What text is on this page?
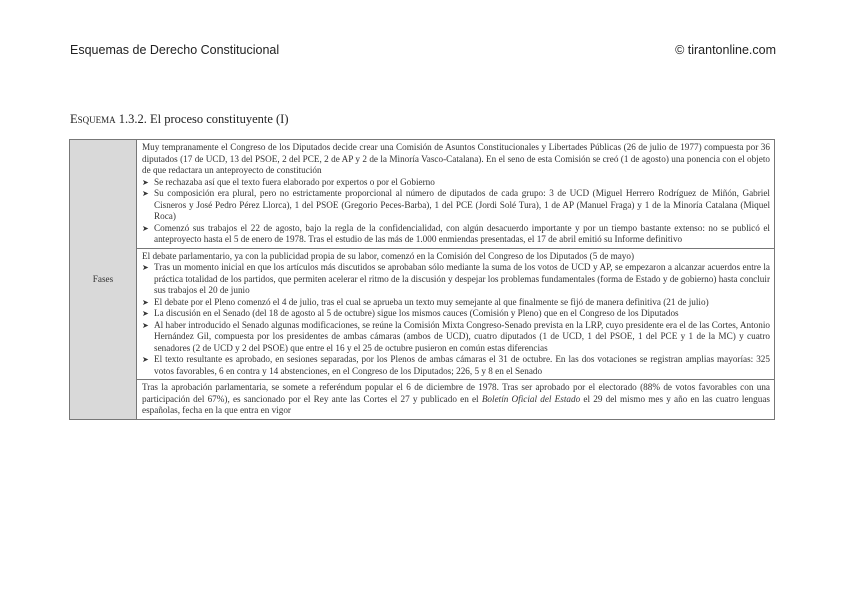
Esquemas de Derecho Constitucional	© tirantonline.com
Esquema 1.3.2. El proceso constituyente (I)
Fases	

Muy tempranamente el Congreso de los Diputados decide crear una Comisión de Asuntos Constitucionales y Libertades Públicas (26 de julio de 1977) compuesta por 36 diputados (17 de UCD, 13 del PSOE, 2 del PCE, 2 de AP y 2 de la Minoría Vasco-Catalana). En el seno de esta Comisión se creó (1 de agosto) una ponencia con el objeto de que redactara un anteproyecto de constitución

➤ Se rechazaba así que el texto fuera elaborado por expertos o por el Gobierno
➤ Su composición era plural, pero no estrictamente proporcional al número de diputados de cada grupo: 3 de UCD (Miguel Herrero Rodríguez de Miñón, Gabriel Cisneros y José Pedro Pérez Llorca), 1 del PSOE (Gregorio Peces-Barba), 1 del PCE (Jordi Solé Tura), 1 de AP (Manuel Fraga) y 1 de la Minoría Catalana (Miquel Roca)
➤ Comenzó sus trabajos el 22 de agosto, bajo la regla de la confidencialidad, con algún desacuerdo importante y por un tiempo bastante extenso: no se publicó el anteproyecto hasta el 5 de enero de 1978. Tras el estudio de las más de 1.000 enmiendas presentadas, el 17 de abril emitió su Informe definitivo

El debate parlamentario, ya con la publicidad propia de su labor, comenzó en la Comisión del Congreso de los Diputados (5 de mayo)

➤ Tras un momento inicial en que los artículos más discutidos se aprobaban sólo mediante la suma de los votos de UCD y AP, se empezaron a alcanzar acuerdos entre la práctica totalidad de los partidos, que permiten acelerar el ritmo de la discusión y despejar los problemas fundamentales (forma de Estado y de gobierno) hasta concluir sus trabajos el 20 de junio
➤ El debate por el Pleno comenzó el 4 de julio, tras el cual se aprueba un texto muy semejante al que finalmente se fijó de manera definitiva (21 de julio)
➤ La discusión en el Senado (del 18 de agosto al 5 de octubre) sigue los mismos cauces (Comisión y Pleno) que en el Congreso de los Diputados
➤ Al haber introducido el Senado algunas modificaciones, se reúne la Comisión Mixta Congreso-Senado prevista en la LRP, cuyo presidente era el de las Cortes, Antonio Hernández Gil, compuesta por los presidentes de ambas cámaras (ambos de UCD), cuatro diputados (1 de UCD, 1 del PSOE, 1 del PCE y 1 de la MC) y cuatro senadores (2 de UCD y 2 del PSOE) que entre el 16 y el 25 de octubre pusieron en común estas diferencias
➤ El texto resultante es aprobado, en sesiones separadas, por los Plenos de ambas cámaras el 31 de octubre. En las dos votaciones se registran amplias mayorías: 325 votos favorables, 6 en contra y 14 abstenciones, en el Congreso de los Diputados; 226, 5 y 8 en el Senado

Tras la aprobación parlamentaria, se somete a referéndum popular el 6 de diciembre de 1978. Tras ser aprobado por el electorado (88% de votos favorables con una participación del 67%), es sancionado por el Rey ante las Cortes el 27 y publicado en el Boletín Oficial del Estado el 29 del mismo mes y año en las cuatro lenguas españolas, fecha en la que entra en vigor
